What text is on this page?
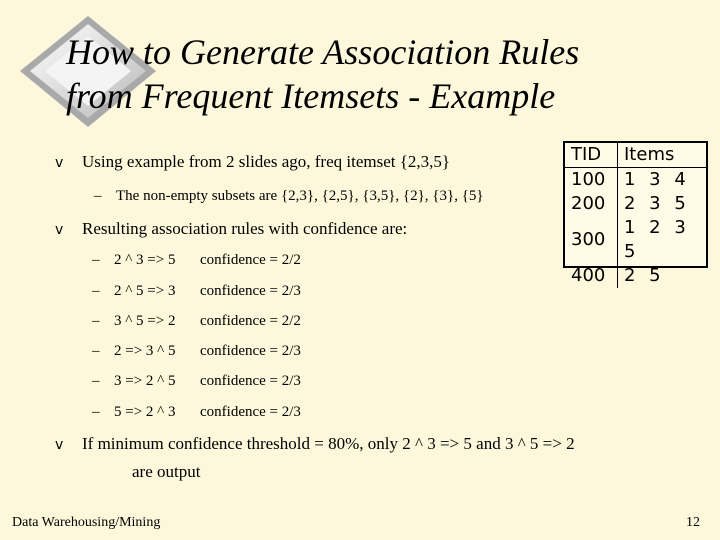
How to Generate Association Rules
from Frequent Itemsets - Example
v Using example from 2 slides ago, freq itemset {2,3,5}
– The non-empty subsets are {2,3}, {2,5}, {3,5}, {2}, {3}, {5}
v Resulting association rules with confidence are:
– 2 ^ 3 => 5 confidence = 2/2
– 2 ^ 5 => 3 confidence = 2/3
– 3 ^ 5 => 2 confidence = 2/2
– 2 => 3 ^ 5 confidence = 2/3
– 3 => 2 ^ 5 confidence = 2/3
– 5 => 2 ^ 3 confidence = 2/3
v If minimum confidence threshold = 80%, only 2 ^ 3 => 5 and 3 ^ 5 => 2
are output
TID	Items
100	1 3 4
200	2 3 5
300	1 2 3 5
400	2 5
Data Warehousing/Mining	12
